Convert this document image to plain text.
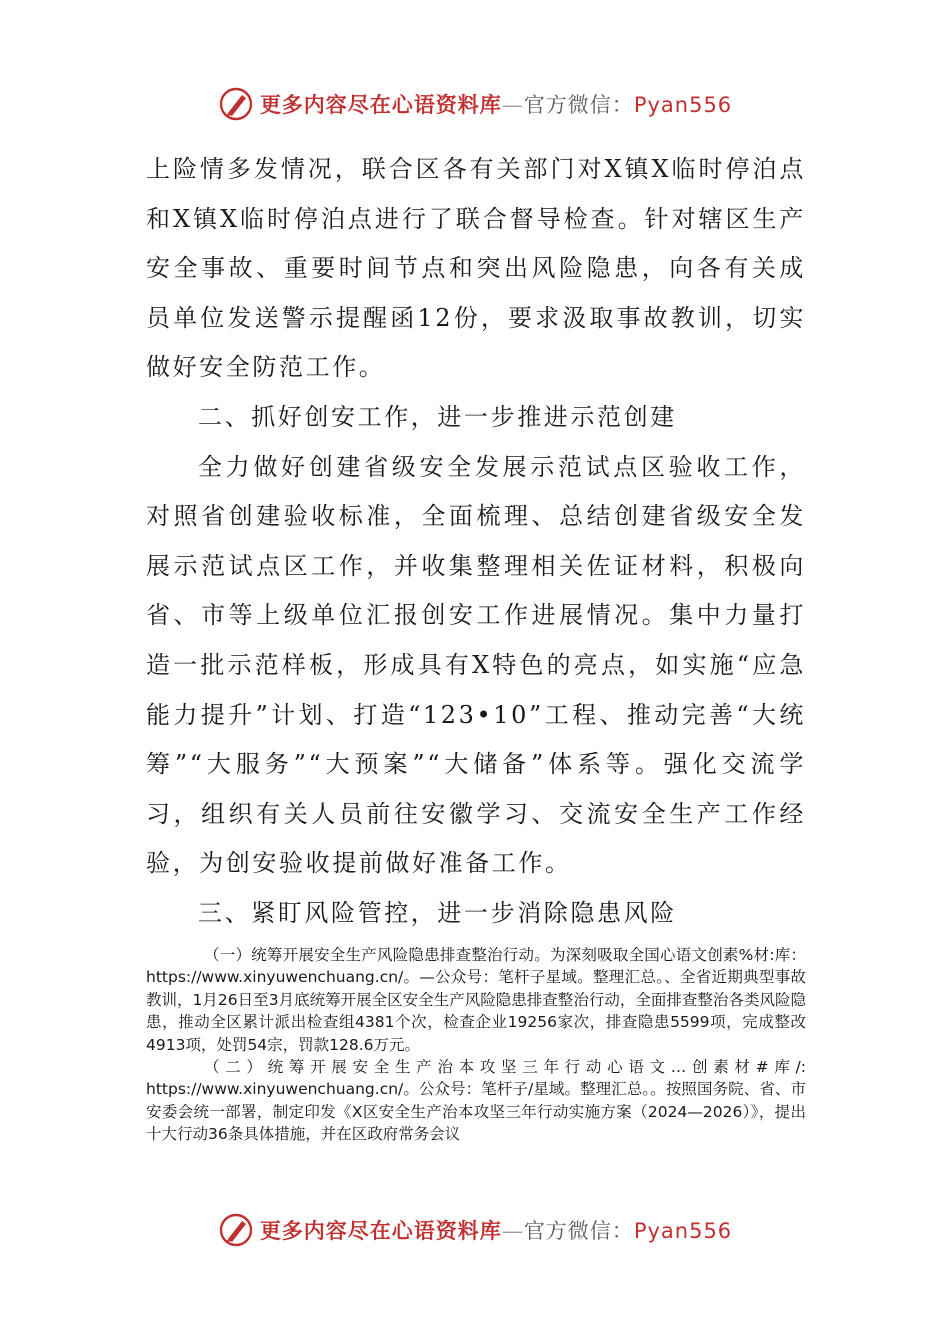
更多内容尽在心语资料库—官方微信：Pyan556

上险情多发情况，联合区各有关部门对X镇X临时停泊点和X镇X临时停泊点进行了联合督导检查。针对辖区生产安全事故、重要时间节点和突出风险隐患，向各有关成员单位发送警示提醒函12份，要求汲取事故教训，切实做好安全防范工作。

二、抓好创安工作，进一步推进示范创建

全力做好创建省级安全发展示范试点区验收工作，对照省创建验收标准，全面梳理、总结创建省级安全发展示范试点区工作，并收集整理相关佐证材料，积极向省、市等上级单位汇报创安工作进展情况。集中力量打造一批示范样板，形成具有X特色的亮点，如实施“应急能力提升”计划、打造“123•10”工程、推动完善“大统筹”“大服务”“大预案”“大储备”体系等。强化交流学习，组织有关人员前往安徽学习、交流安全生产工作经验，为创安验收提前做好准备工作。

三、紧盯风险管控，进一步消除隐患风险

（一）统筹开展安全生产风险隐患排查整治行动。为深刻吸取全国心语文创素%材:库：https://www.xinyuwenchuang.cn/。—公众号：笔杆子星域。整理汇总。、全省近期典型事故教训，1月26日至3月底统筹开展全区安全生产风险隐患排查整治行动，全面排查整治各类风险隐患，推动全区累计派出检查组4381个次，检查企业19256家次，排查隐患5599项，完成整改4913项，处罚54宗，罚款128.6万元。

（二）统筹开展安全生产治本攻坚三年行动心语文…创素材#库/: https://www.xinyuwenchuang.cn/。公众号：笔杆子/星域。整理汇总。。按照国务院、省、市安委会统一部署，制定印发《X区安全生产治本攻坚三年行动实施方案（2024—2026）》，提出十大行动36条具体措施，并在区政府常务会议

更多内容尽在心语资料库—官方微信：Pyan556
